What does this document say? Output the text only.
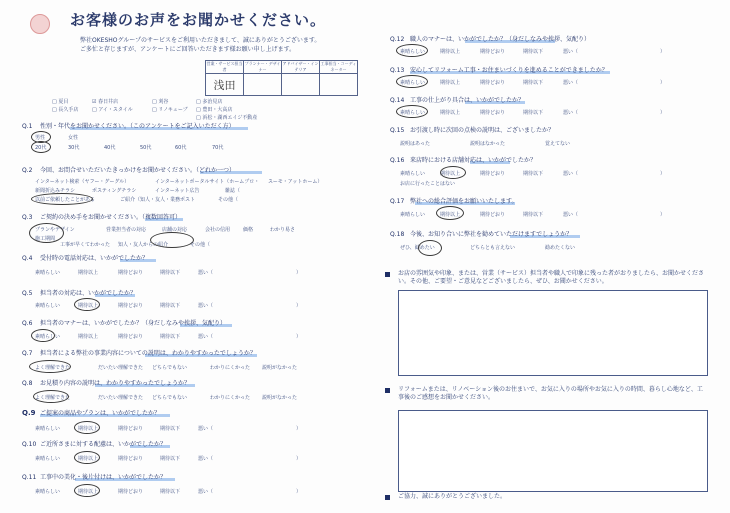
お客様のお声をお聞かせください。
弊社OKESHOグループのサービスをご利用いただきまして、誠にありがとうございます。
ご多忙と存じますが、アンケートにご回答いただきます様お願い申し上げます。
営業・サービス担当者	プランナー・デザイナー	アドバイザー・インテリア	工事担当・コーディネーター
浅田			
□ 夏目
□ 長久手店
☑ 春日井店
□ アイ・スタイル
□ 刈谷
□ リノキューブ
□ 多治見店
□ 豊田・大高店
□ 浜松・湖西エイジ不動産
Q.1 性別・年代をお聞かせください。（このアンケートをご記入いただく方）
男性	女性
20代	30代	40代	50代	60代	70代
Q.2 今回、お問合せいただいたきっかけをお聞かせください。（どれか一つ）
インターネット検索（ヤフー・グーグル）	インターネットポータルサイト（ホームプロ・ スーモ・アットホーム）
新聞折込みチラシ	ポスティングチラシ	インターネット広告	雑誌（
以前ご依頼したことがある	ご紹介（知人・友人・業務ポスト	その他（
Q.3 ご契約の決め手をお聞かせください。（複数回答可）
プランやデザイン	営業担当者の対応	店舗の対応	会社の信用	価格	わかり易さ
施工期間
工事が早くてわかった 知人・友人からの紹介	その他（
Q.4 受付時の電話対応は、いかがでしたか？
素晴らしい	期待以上	期待どおり	期待以下	悪い（	）
Q.5 担当者の対応は、いかがでしたか？
素晴らしい	期待以上	期待どおり	期待以下	悪い（	）
Q.6 担当者のマナーは、いかがでしたか？（身だしなみや挨拶、気配り）
素晴らしい	期待以上	期待どおり	期待以下	悪い（	）
Q.7 担当者による弊社の事業内容についての説明は、わかりやすかったでしょうか？
よく理解できた	だいたい理解できた どちらでもない	わかりにくかった 説明がなかった
Q.8 お見積り内容の説明は、わかりやすかったでしょうか？
よく理解できた	だいたい理解できた どちらでもない	わかりにくかった 説明がなかった
Q.9 ご提案の商品やプランは、いかがでしたか？
素晴らしい	期待以上	期待どおり	期待以下	悪い（	）
Q.10 ご近所さまに対する配慮は、いかがでしたか？
素晴らしい	期待以上	期待どおり	期待以下	悪い（	）
Q.11 工事中の美化・後片付けは、いかがでしたか？
素晴らしい	期待以上	期待どおり	期待以下	悪い（	）
Q.12 職人のマナーは、いかがでしたか？（身だしなみや挨拶、気配り）
素晴らしい	期待以上	期待どおり	期待以下	悪い（	）
Q.13 安心してリフォーム工事・お住まいづくりを進めることができましたか？
素晴らしい	期待以上	期待どおり	期待以下	悪い（	）
Q.14 工事の仕上がり具合は、いかがでしたか？
素晴らしい	期待以上	期待どおり	期待以下	悪い（	）
Q.15 お引渡し時に次回の点検の説明は、ございましたか？
説明はあった	説明はなかった	覚えてない
Q.16 来店時における店舗対応は、いかがでしたか？
素晴らしい	期待以上	期待どおり	期待以下	悪い（	）
お店に行ったことはない
Q.17 弊社への総合評価をお願いいたします。
素晴らしい	期待以上	期待どおり	期待以下	悪い（	）
Q.18 今後、お知り合いに弊社を勧めていただけますでしょうか？
ぜひ、勧めたい	どちらとも言えない	勧めたくない
お店の雰囲気や印象、または、営業（サービス）担当者や職人で印象に残った者がおりましたら、お聞かせください。その他、ご要望・ご意見などございましたら、ぜひ、お聞かせください。
リフォームまたは、リノベーション後のお住まいで、お気に入りの場所やお気に入りの時間、暮らし心地など、工事後のご感想をお聞かせください。
ご協力、誠にありがとうございました。
